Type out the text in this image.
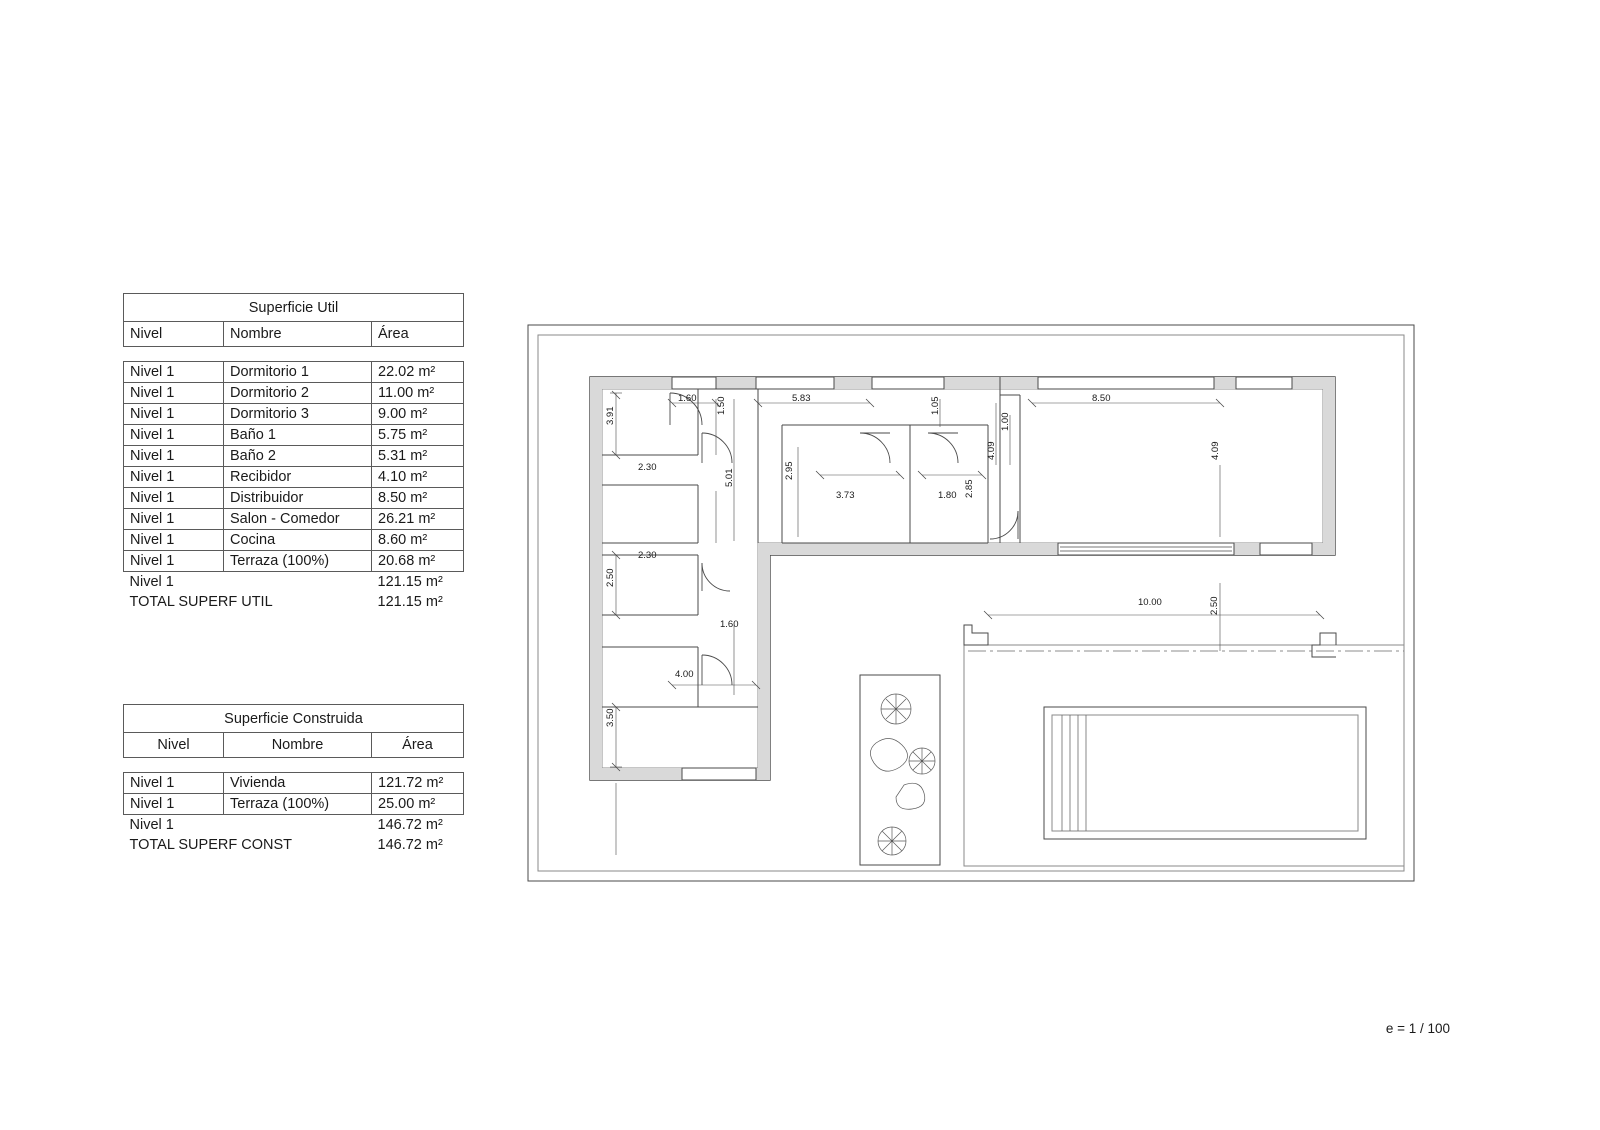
Superficie Util		
Nivel	Nombre	Área

Nivel 1	Dormitorio 1	22.02 m²
Nivel 1	Dormitorio 2	11.00 m²
Nivel 1	Dormitorio 3	9.00 m²
Nivel 1	Baño 1	5.75 m²
Nivel 1	Baño 2	5.31 m²
Nivel 1	Recibidor	4.10 m²
Nivel 1	Distribuidor	8.50 m²
Nivel 1	Salon - Comedor	26.21 m²
Nivel 1	Cocina	8.60 m²
Nivel 1	Terraza (100%)	20.68 m²
Nivel 1		121.15 m²
TOTAL SUPERF UTIL		121.15 m²
Superficie Construida		
Nivel	Nombre	Área

Nivel 1	Vivienda	121.72 m²
Nivel 1	Terraza (100%)	25.00 m²
Nivel 1		146.72 m²
TOTAL SUPERF CONST		146.72 m²
1.60 1.50	5.83	1.05	8.50
1.00
3.91
2.30	2.95
4.09	4.09
3.73	1.80 2.85
5.01
2.30
2.50
1.60
10.00	2.50
4.00
3.50
e = 1 / 100
